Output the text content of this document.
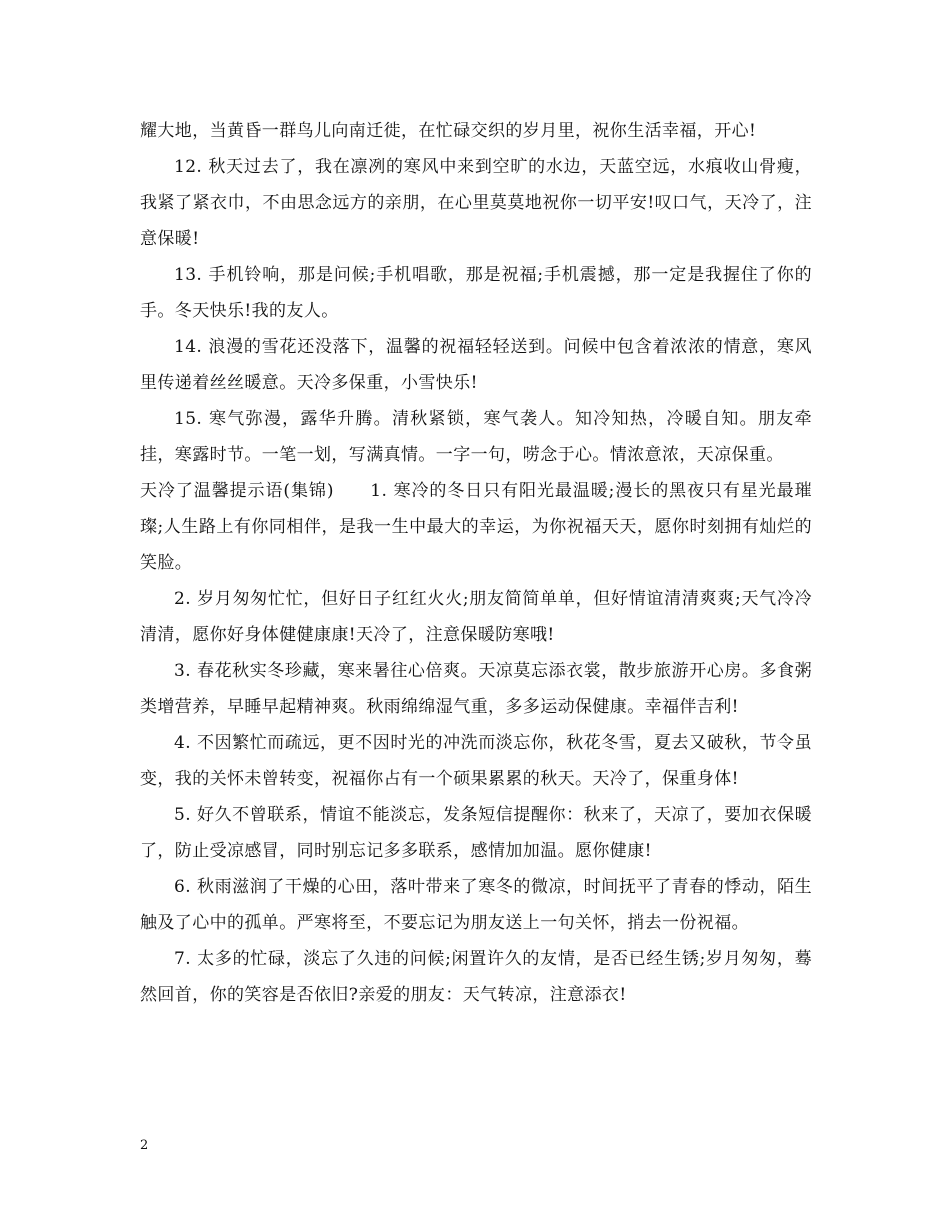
耀大地，当黄昏一群鸟儿向南迁徙，在忙碌交织的岁月里，祝你生活幸福，开心!

12. 秋天过去了，我在凛冽的寒风中来到空旷的水边，天蓝空远，水痕收山骨瘦，我紧了紧衣巾，不由思念远方的亲朋，在心里莫莫地祝你一切平安!叹口气，天冷了，注意保暖!

13. 手机铃响，那是问候;手机唱歌，那是祝福;手机震撼，那一定是我握住了你的手。冬天快乐!我的友人。

14. 浪漫的雪花还没落下，温馨的祝福轻轻送到。问候中包含着浓浓的情意，寒风里传递着丝丝暖意。天冷多保重，小雪快乐!

15. 寒气弥漫，露华升腾。清秋紧锁，寒气袭人。知冷知热，冷暖自知。朋友牵挂，寒露时节。一笔一划，写满真情。一字一句，唠念于心。情浓意浓，天凉保重。

天冷了温馨提示语(集锦)　　1. 寒冷的冬日只有阳光最温暖;漫长的黑夜只有星光最璀璨;人生路上有你同相伴，是我一生中最大的幸运，为你祝福天天，愿你时刻拥有灿烂的笑脸。

2. 岁月匆匆忙忙，但好日子红红火火;朋友简简单单，但好情谊清清爽爽;天气冷冷清清，愿你好身体健健康康!天冷了，注意保暖防寒哦!

3. 春花秋实冬珍藏，寒来暑往心倍爽。天凉莫忘添衣裳，散步旅游开心房。多食粥类增营养，早睡早起精神爽。秋雨绵绵湿气重，多多运动保健康。幸福伴吉利!

4. 不因繁忙而疏远，更不因时光的冲洗而淡忘你，秋花冬雪，夏去又破秋，节令虽变，我的关怀未曾转变，祝福你占有一个硕果累累的秋天。天冷了，保重身体!

5. 好久不曾联系，情谊不能淡忘，发条短信提醒你：秋来了，天凉了，要加衣保暖了，防止受凉感冒，同时别忘记多多联系，感情加加温。愿你健康!

6. 秋雨滋润了干燥的心田，落叶带来了寒冬的微凉，时间抚平了青春的悸动，陌生触及了心中的孤单。严寒将至，不要忘记为朋友送上一句关怀，捎去一份祝福。

7. 太多的忙碌，淡忘了久违的问候;闲置许久的友情，是否已经生锈;岁月匆匆，蓦然回首，你的笑容是否依旧?亲爱的朋友：天气转凉，注意添衣!

2
